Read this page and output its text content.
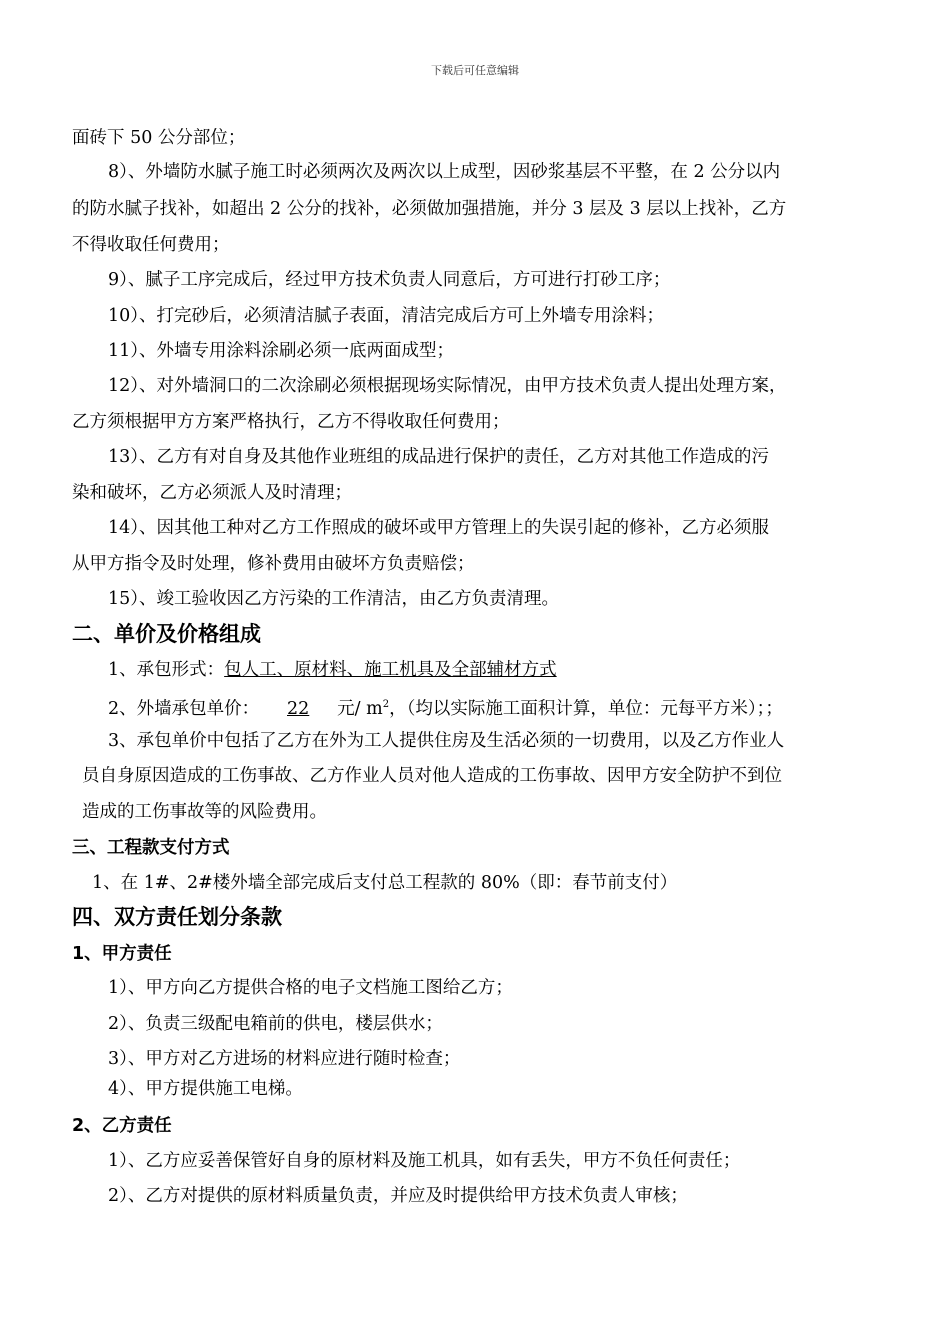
下载后可任意编辑
面砖下 50 公分部位；
8）、外墙防水腻子施工时必须两次及两次以上成型，因砂浆基层不平整，在 2 公分以内
的防水腻子找补，如超出 2 公分的找补，必须做加强措施，并分 3 层及 3 层以上找补，乙方
不得收取任何费用；
9）、腻子工序完成后，经过甲方技术负责人同意后，方可进行打砂工序；
10）、打完砂后，必须清洁腻子表面，清洁完成后方可上外墙专用涂料；
11）、外墙专用涂料涂刷必须一底两面成型；
12）、对外墙洞口的二次涂刷必须根据现场实际情况，由甲方技术负责人提出处理方案，
乙方须根据甲方方案严格执行，乙方不得收取任何费用；
13）、乙方有对自身及其他作业班组的成品进行保护的责任，乙方对其他工作造成的污
染和破坏，乙方必须派人及时清理；
14）、因其他工种对乙方工作照成的破坏或甲方管理上的失误引起的修补，乙方必须服
从甲方指令及时处理，修补费用由破坏方负责赔偿；
15）、竣工验收因乙方污染的工作清洁，由乙方负责清理。
二、单价及价格组成
1、承包形式：包人工、原材料、施工机具及全部辅材方式
2、外墙承包单价： 22 元/ $m^2$，（均以实际施工面积计算，单位：元每平方米）；；
3、承包单价中包括了乙方在外为工人提供住房及生活必须的一切费用，以及乙方作业人
员自身原因造成的工伤事故、乙方作业人员对他人造成的工伤事故、因甲方安全防护不到位
造成的工伤事故等的风险费用。
三、工程款支付方式
1、在 1#、2#楼外墙全部完成后支付总工程款的 80%（即：春节前支付）
四、双方责任划分条款
1、甲方责任
1）、甲方向乙方提供合格的电子文档施工图给乙方；
2）、负责三级配电箱前的供电，楼层供水；
3）、甲方对乙方进场的材料应进行随时检查；
4）、甲方提供施工电梯。
2、乙方责任
1）、乙方应妥善保管好自身的原材料及施工机具，如有丢失，甲方不负任何责任；
2）、乙方对提供的原材料质量负责，并应及时提供给甲方技术负责人审核；
